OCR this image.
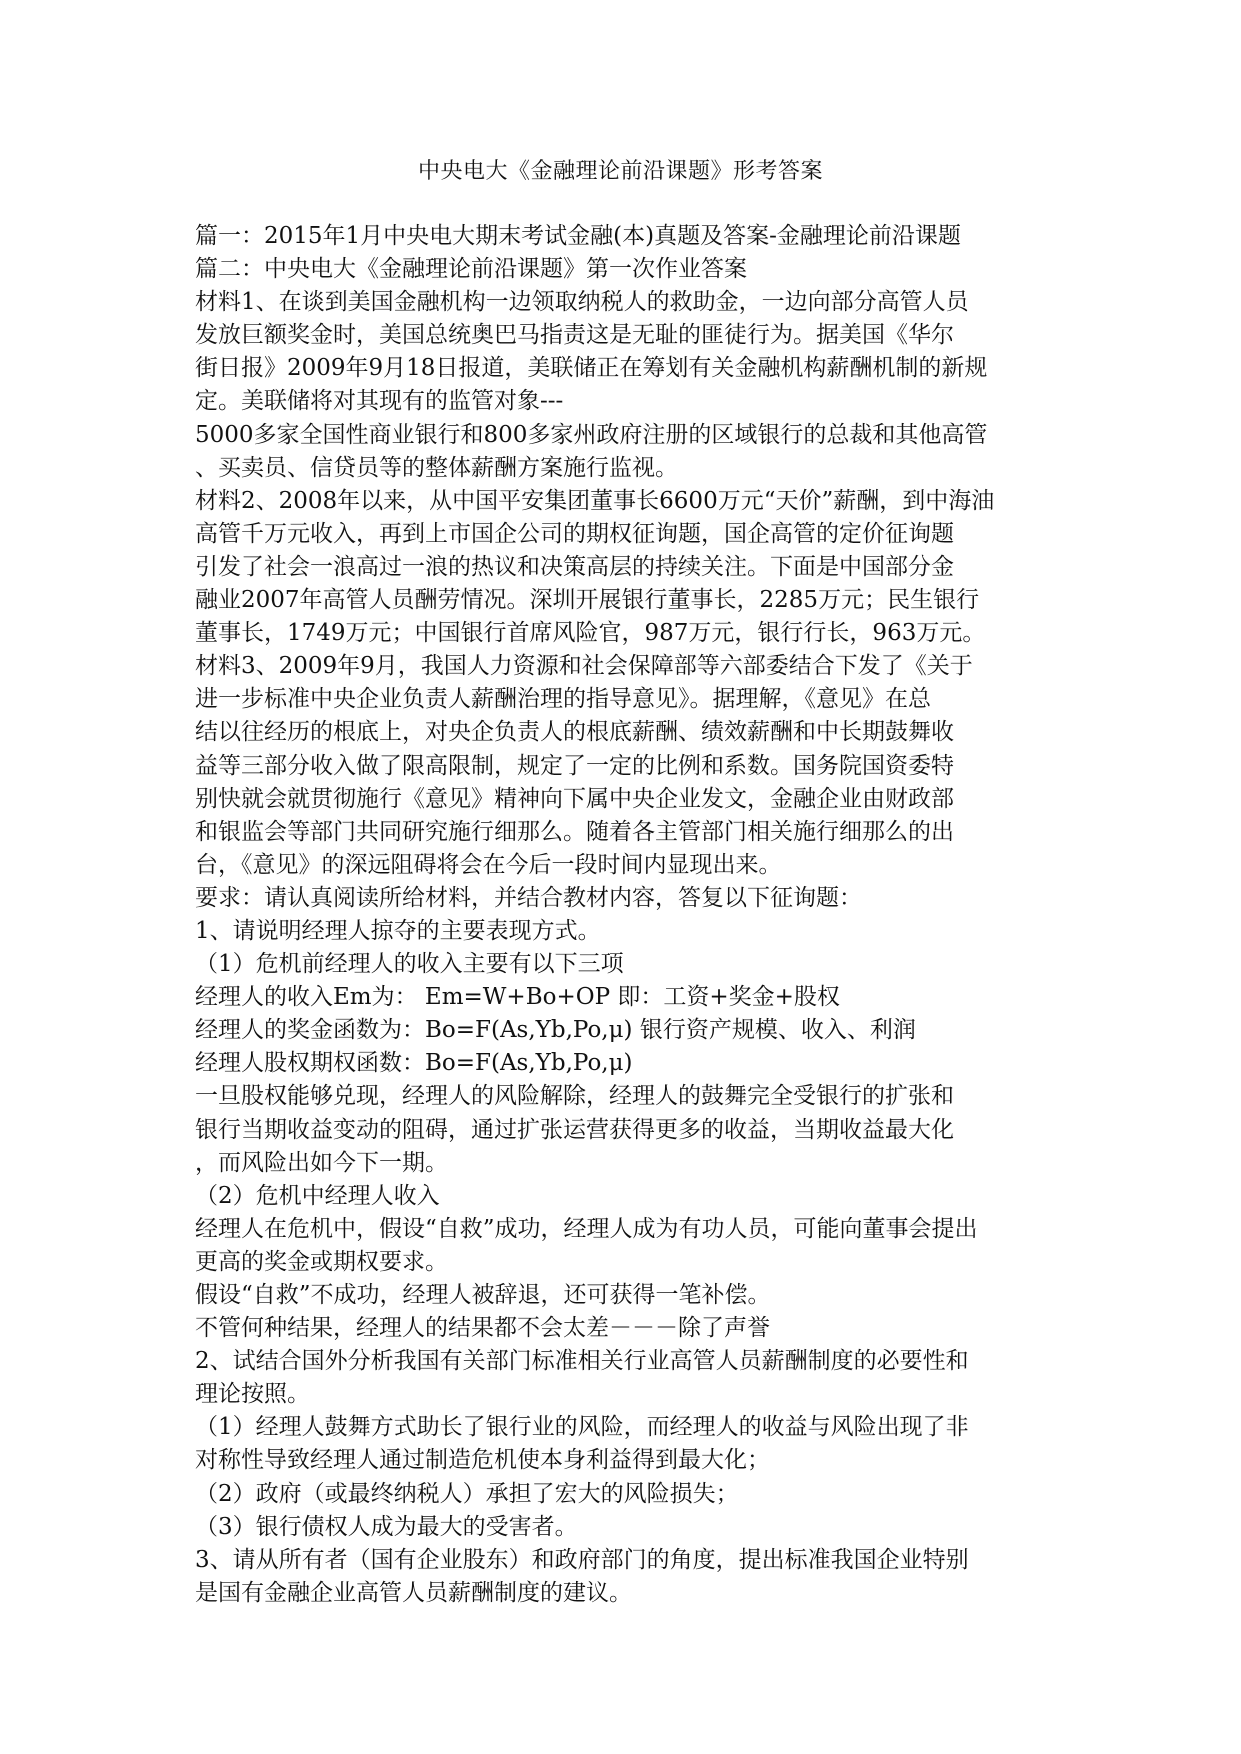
中央电大《金融理论前沿课题》形考答案
篇一：2015年1月中央电大期末考试金融(本)真题及答案-金融理论前沿课题
篇二：中央电大《金融理论前沿课题》第一次作业答案
材料1、在谈到美国金融机构一边领取纳税人的救助金，一边向部分高管人员
发放巨额奖金时，美国总统奥巴马指责这是无耻的匪徒行为。据美国《华尔
街日报》2009年9月18日报道，美联储正在筹划有关金融机构薪酬机制的新规
定。美联储将对其现有的监管对象---
5000多家全国性商业银行和800多家州政府注册的区域银行的总裁和其他高管
、买卖员、信贷员等的整体薪酬方案施行监视。
材料2、2008年以来，从中国平安集团董事长6600万元“天价”薪酬，到中海油
高管千万元收入，再到上市国企公司的期权征询题，国企高管的定价征询题
引发了社会一浪高过一浪的热议和决策高层的持续关注。下面是中国部分金
融业2007年高管人员酬劳情况。深圳开展银行董事长，2285万元；民生银行
董事长，1749万元；中国银行首席风险官，987万元，银行行长，963万元。
材料3、2009年9月，我国人力资源和社会保障部等六部委结合下发了《关于
进一步标准中央企业负责人薪酬治理的指导意见》。据理解，《意见》在总
结以往经历的根底上，对央企负责人的根底薪酬、绩效薪酬和中长期鼓舞收
益等三部分收入做了限高限制，规定了一定的比例和系数。国务院国资委特
别快就会就贯彻施行《意见》精神向下属中央企业发文，金融企业由财政部
和银监会等部门共同研究施行细那么。随着各主管部门相关施行细那么的出
台，《意见》的深远阻碍将会在今后一段时间内显现出来。
要求：请认真阅读所给材料，并结合教材内容，答复以下征询题：
1、请说明经理人掠夺的主要表现方式。
（1）危机前经理人的收入主要有以下三项
经理人的收入Em为： Em=W+Bo+OP 即：工资+奖金+股权
经理人的奖金函数为：Bo=F(As,Yb,Po,μ) 银行资产规模、收入、利润
经理人股权期权函数：Bo=F(As,Yb,Po,μ)
一旦股权能够兑现，经理人的风险解除，经理人的鼓舞完全受银行的扩张和
银行当期收益变动的阻碍，通过扩张运营获得更多的收益，当期收益最大化
，而风险出如今下一期。
（2）危机中经理人收入
经理人在危机中，假设“自救”成功，经理人成为有功人员，可能向董事会提出
更高的奖金或期权要求。
假设“自救”不成功，经理人被辞退，还可获得一笔补偿。
不管何种结果，经理人的结果都不会太差－－－除了声誉
2、试结合国外分析我国有关部门标准相关行业高管人员薪酬制度的必要性和
理论按照。
（1）经理人鼓舞方式助长了银行业的风险，而经理人的收益与风险出现了非
对称性导致经理人通过制造危机使本身利益得到最大化；
（2）政府（或最终纳税人）承担了宏大的风险损失；
（3）银行债权人成为最大的受害者。
3、请从所有者（国有企业股东）和政府部门的角度，提出标准我国企业特别
是国有金融企业高管人员薪酬制度的建议。
